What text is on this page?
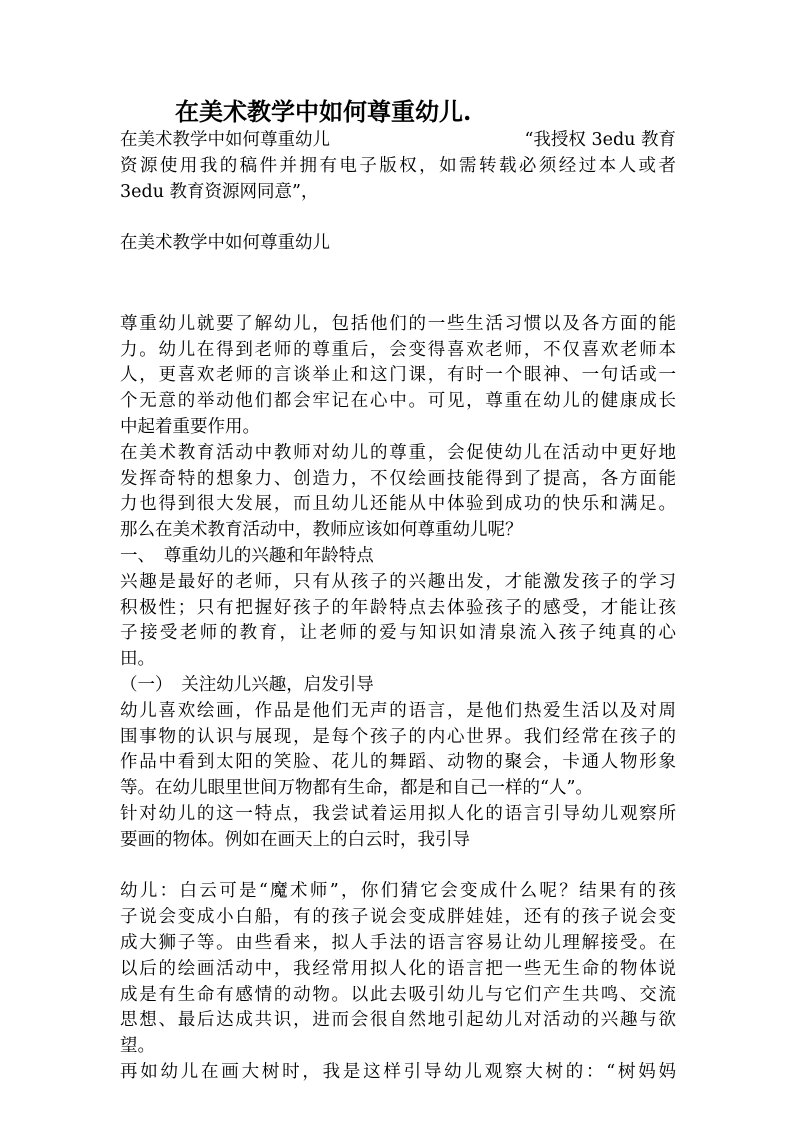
在美术教学中如何尊重幼儿.
在美术教学中如何尊重幼儿	“我授权 3edu 教育
资源使用我的稿件并拥有电子版权，如需转载必须经过本人或者
3edu 教育资源网同意”，
在美术教学中如何尊重幼儿
尊重幼儿就要了解幼儿，包括他们的一些生活习惯以及各方面的能
力。幼儿在得到老师的尊重后，会变得喜欢老师，不仅喜欢老师本
人，更喜欢老师的言谈举止和这门课，有时一个眼神、一句话或一
个无意的举动他们都会牢记在心中。可见，尊重在幼儿的健康成长
中起着重要作用。
在美术教育活动中教师对幼儿的尊重，会促使幼儿在活动中更好地
发挥奇特的想象力、创造力，不仅绘画技能得到了提高，各方面能
力也得到很大发展，而且幼儿还能从中体验到成功的快乐和满足。
那么在美术教育活动中，教师应该如何尊重幼儿呢？
一、　尊重幼儿的兴趣和年龄特点
兴趣是最好的老师，只有从孩子的兴趣出发，才能激发孩子的学习
积极性；只有把握好孩子的年龄特点去体验孩子的感受，才能让孩
子接受老师的教育，让老师的爱与知识如清泉流入孩子纯真的心
田。
（一）　关注幼儿兴趣，启发引导
幼儿喜欢绘画，作品是他们无声的语言，是他们热爱生活以及对周
围事物的认识与展现，是每个孩子的内心世界。我们经常在孩子的
作品中看到太阳的笑脸、花儿的舞蹈、动物的聚会，卡通人物形象
等。在幼儿眼里世间万物都有生命，都是和自己一样的“人”。
针对幼儿的这一特点，我尝试着运用拟人化的语言引导幼儿观察所
要画的物体。例如在画天上的白云时，我引导
幼儿：白云可是“魔术师”，你们猜它会变成什么呢？结果有的孩
子说会变成小白船，有的孩子说会变成胖娃娃，还有的孩子说会变
成大狮子等。由些看来，拟人手法的语言容易让幼儿理解接受。在
以后的绘画活动中，我经常用拟人化的语言把一些无生命的物体说
成是有生命有感情的动物。以此去吸引幼儿与它们产生共鸣、交流
思想、最后达成共识，进而会很自然地引起幼儿对活动的兴趣与欲
望。
再如幼儿在画大树时，我是这样引导幼儿观察大树的：“树妈妈
